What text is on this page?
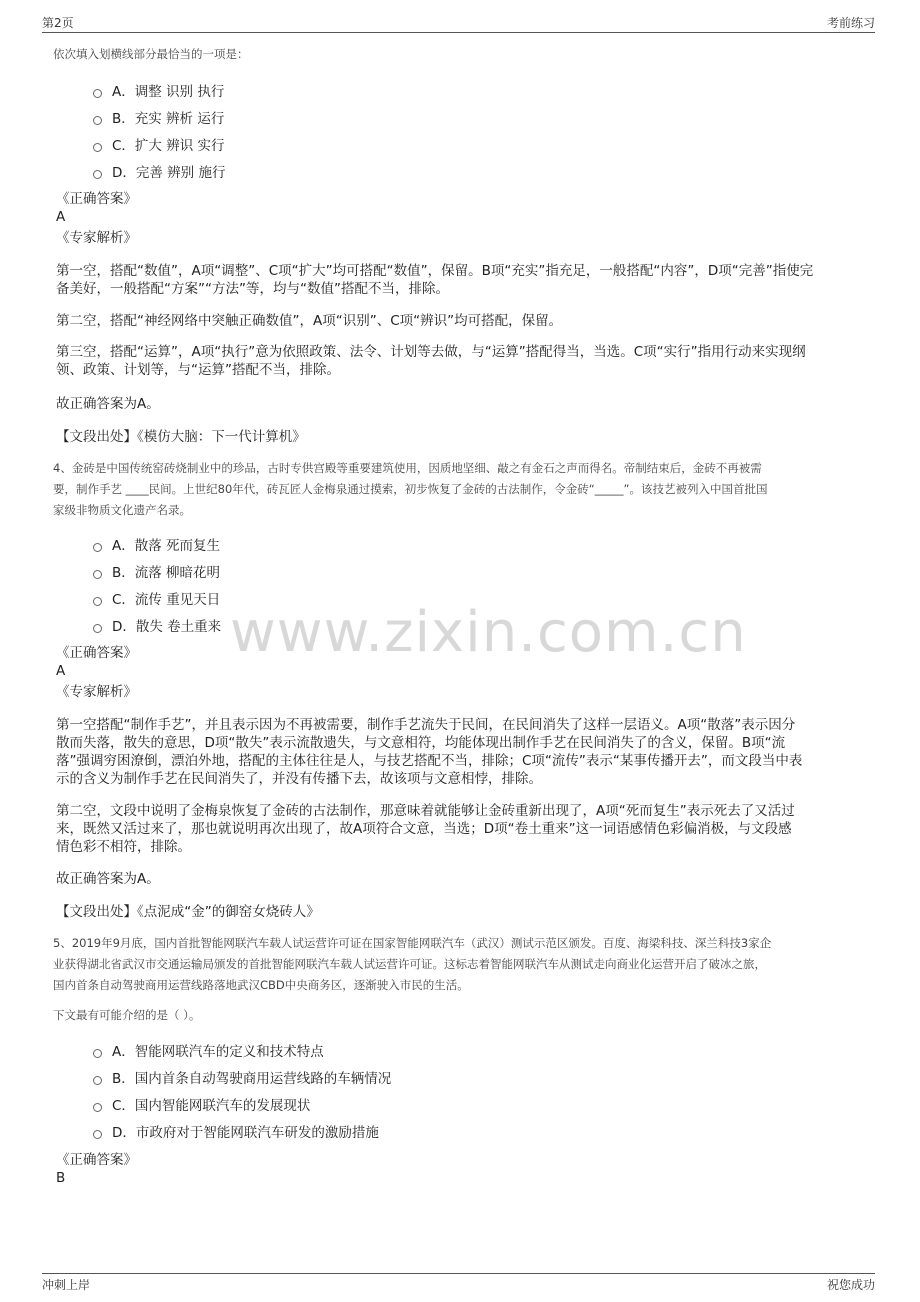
第2页	考前练习
www.zixin.com.cn
依次填入划横线部分最恰当的一项是：
A．调整 识别 执行
B．充实 辨析 运行
C．扩大 辨识 实行
D．完善 辨别 施行
《正确答案》
A
《专家解析》
第一空，搭配“数值”，A项“调整”、C项“扩大”均可搭配“数值”，保留。B项“充实”指充足，一般搭配“内容”，D项“完善”指使完
备美好，一般搭配“方案”“方法”等，均与“数值”搭配不当，排除。
第二空，搭配“神经网络中突触正确数值”，A项“识别”、C项“辨识”均可搭配，保留。
第三空，搭配“运算”，A项“执行”意为依照政策、法令、计划等去做，与“运算”搭配得当，当选。C项“实行”指用行动来实现纲
领、政策、计划等，与“运算”搭配不当，排除。
故正确答案为A。
【文段出处】《模仿大脑：下一代计算机》
4、金砖是中国传统窑砖烧制业中的珍品，古时专供宫殿等重要建筑使用，因质地坚细、敲之有金石之声而得名。帝制结束后，金砖不再被需
要，制作手艺 ____民间。上世纪80年代，砖瓦匠人金梅泉通过摸索，初步恢复了金砖的古法制作，令金砖“_____”。该技艺被列入中国首批国
家级非物质文化遗产名录。
A．散落 死而复生
B．流落 柳暗花明
C．流传 重见天日
D．散失 卷土重来
《正确答案》
A
《专家解析》
第一空搭配“制作手艺”，并且表示因为不再被需要，制作手艺流失于民间，在民间消失了这样一层语义。A项“散落”表示因分
散而失落，散失的意思，D项“散失”表示流散遗失，与文意相符，均能体现出制作手艺在民间消失了的含义，保留。B项“流
落”强调穷困潦倒，漂泊外地，搭配的主体往往是人，与技艺搭配不当，排除；C项“流传”表示“某事传播开去”，而文段当中表
示的含义为制作手艺在民间消失了，并没有传播下去，故该项与文意相悖，排除。
第二空，文段中说明了金梅泉恢复了金砖的古法制作，那意味着就能够让金砖重新出现了，A项“死而复生”表示死去了又活过
来，既然又活过来了，那也就说明再次出现了，故A项符合文意，当选；D项“卷土重来”这一词语感情色彩偏消极，与文段感
情色彩不相符，排除。
故正确答案为A。
【文段出处】《点泥成“金”的御窑女烧砖人》
5、2019年9月底，国内首批智能网联汽车载人试运营许可证在国家智能网联汽车（武汉）测试示范区颁发。百度、海梁科技、深兰科技3家企
业获得湖北省武汉市交通运输局颁发的首批智能网联汽车载人试运营许可证。这标志着智能网联汽车从测试走向商业化运营开启了破冰之旅，
国内首条自动驾驶商用运营线路落地武汉CBD中央商务区，逐渐驶入市民的生活。
下文最有可能介绍的是（ ）。
A．智能网联汽车的定义和技术特点
B．国内首条自动驾驶商用运营线路的车辆情况
C．国内智能网联汽车的发展现状
D．市政府对于智能网联汽车研发的激励措施
《正确答案》
B
冲刺上岸	祝您成功
